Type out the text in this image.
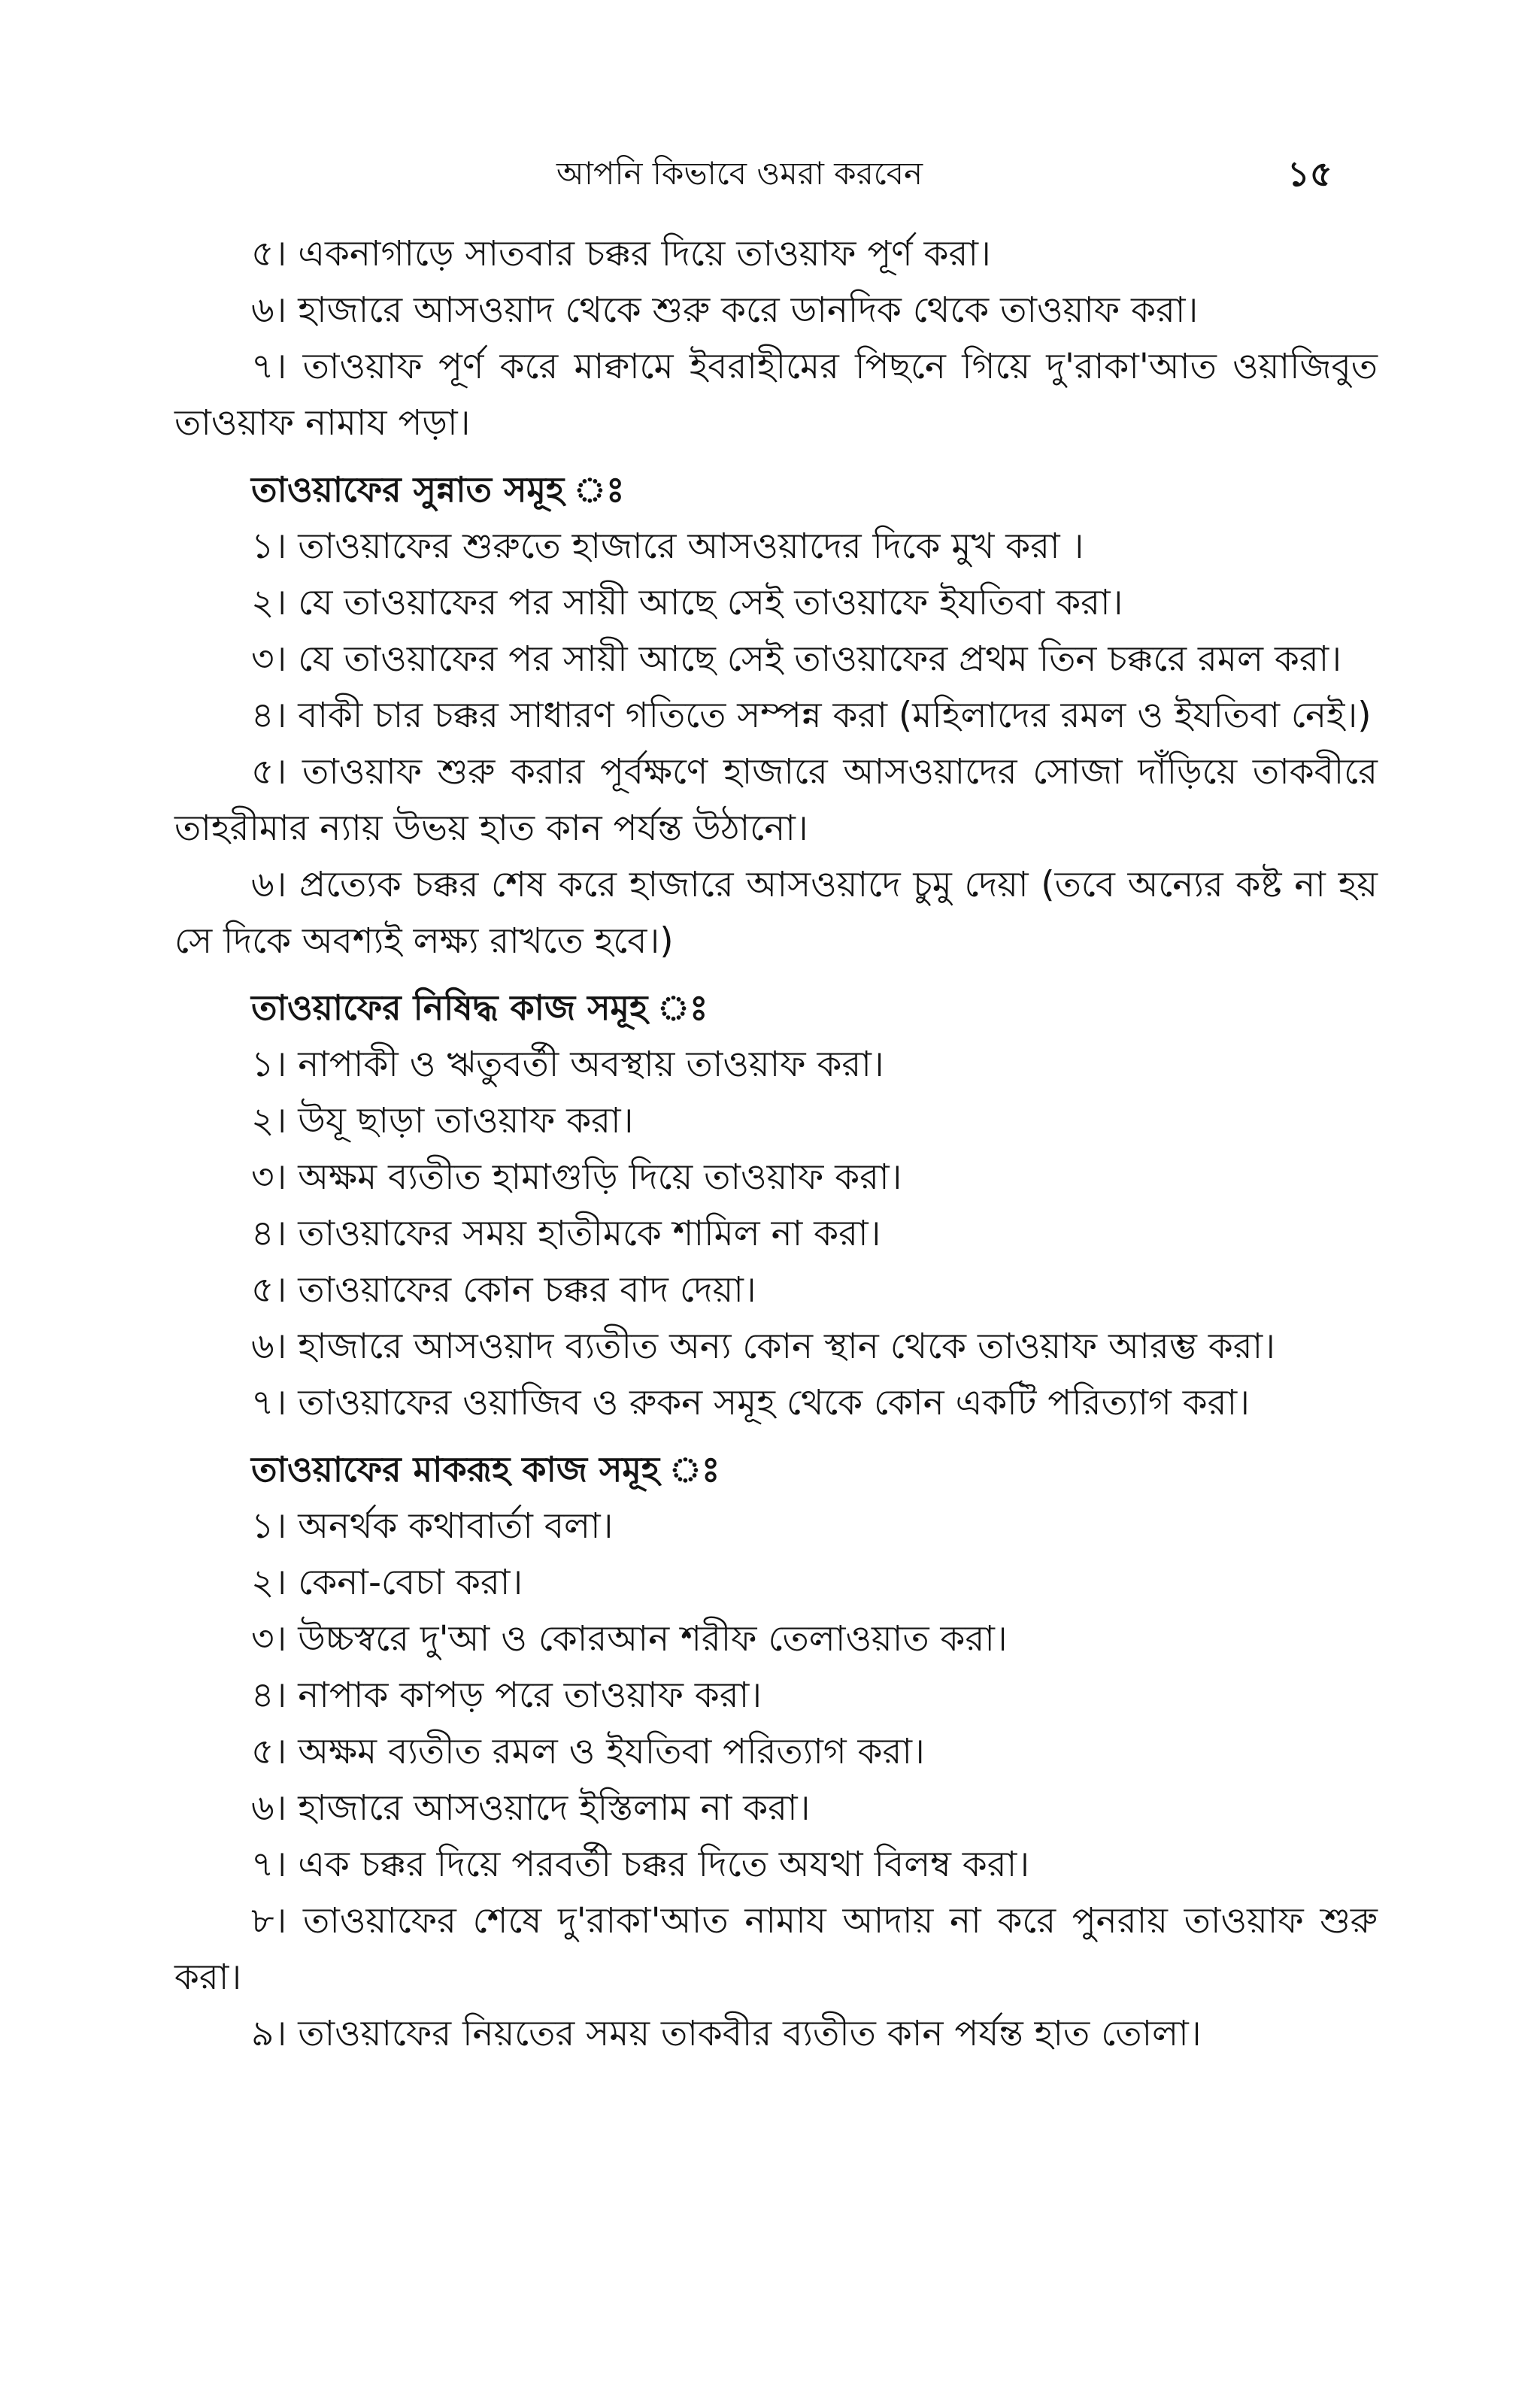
আপনি কিভাবে ওমরা করবেন	১৫

৫। একনাগাড়ে সাতবার চক্কর দিয়ে তাওয়াফ পূর্ণ করা।

৬। হাজারে আসওয়াদ থেকে শুরু করে ডানদিক থেকে তাওয়াফ করা।

৭। তাওয়াফ পূর্ণ করে মাক্বামে ইবরাহীমের পিছনে গিয়ে দু'রাকা'আত ওয়াজিবুত তাওয়াফ নামায পড়া।

তাওয়াফের সুন্নাত সমূহ ঃ

১। তাওয়াফের শুরুতে হাজারে আসওয়াদের দিকে মুখ করা ।

২। যে তাওয়াফের পর সায়ী আছে সেই তাওয়াফে ইযতিবা করা।

৩। যে তাওয়াফের পর সায়ী আছে সেই তাওয়াফের প্রথম তিন চক্করে রমল করা।

৪। বাকী চার চক্কর সাধারণ গতিতে সম্পন্ন করা (মহিলাদের রমল ও ইযতিবা নেই।)

৫। তাওয়াফ শুরু করার পূর্বক্ষণে হাজারে আসওয়াদের সোজা দাঁড়িয়ে তাকবীরে তাহরীমার ন্যায় উভয় হাত কান পর্যন্ত উঠানো।

৬। প্রত্যেক চক্কর শেষ করে হাজারে আসওয়াদে চুমু দেয়া (তবে অন্যের কষ্ট না হয় সে দিকে অবশ্যই লক্ষ্য রাখতে হবে।)

তাওয়াফের নিষিদ্ধ কাজ সমূহ ঃ

১। নাপাকী ও ঋতুবর্তী অবস্থায় তাওয়াফ করা।

২। উযূ ছাড়া তাওয়াফ করা।

৩। অক্ষম ব্যতীত হামাগুড়ি দিয়ে তাওয়াফ করা।

৪। তাওয়াফের সময় হাতীমকে শামিল না করা।

৫। তাওয়াফের কোন চক্কর বাদ দেয়া।

৬। হাজারে আসওয়াদ ব্যতীত অন্য কোন স্থান থেকে তাওয়াফ আরম্ভ করা।

৭। তাওয়াফের ওয়াজিব ও রুকন সমূহ থেকে কোন একটি পরিত্যাগ করা।

তাওয়াফের মাকরূহ কাজ সমূহ ঃ

১। অনর্থক কথাবার্তা বলা।

২। কেনা-বেচা করা।

৩। উচ্চস্বরে দু'আ ও কোরআন শরীফ তেলাওয়াত করা।

৪। নাপাক কাপড় পরে তাওয়াফ করা।

৫। অক্ষম ব্যতীত রমল ও ইযতিবা পরিত্যাগ করা।

৬। হাজারে আসওয়াদে ইস্তিলাম না করা।

৭। এক চক্কর দিয়ে পরবর্তী চক্কর দিতে অযথা বিলম্ব করা।

৮। তাওয়াফের শেষে দু'রাকা'আত নামায আদায় না করে পুনরায় তাওয়াফ শুরু করা।

৯। তাওয়াফের নিয়তের সময় তাকবীর ব্যতীত কান পর্যন্ত হাত তোলা।
